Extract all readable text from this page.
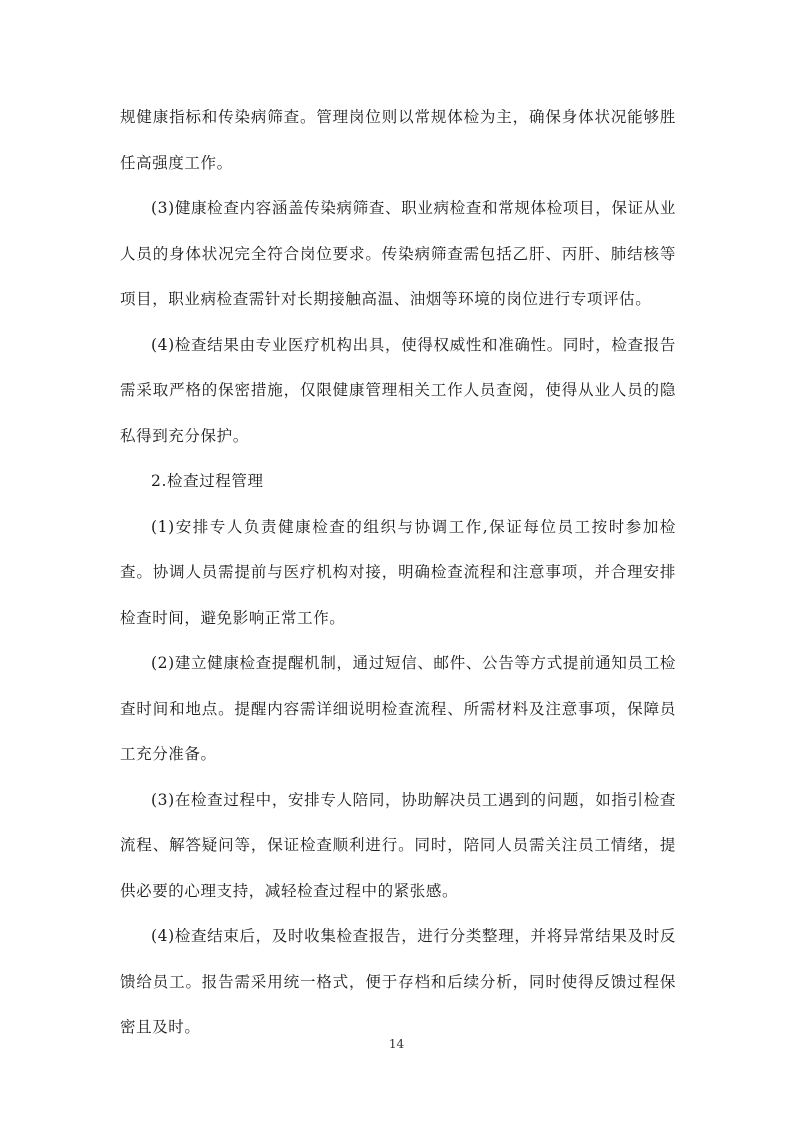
规健康指标和传染病筛查。管理岗位则以常规体检为主，确保身体状况能够胜任高强度工作。

(3)健康检查内容涵盖传染病筛查、职业病检查和常规体检项目，保证从业人员的身体状况完全符合岗位要求。传染病筛查需包括乙肝、丙肝、肺结核等项目，职业病检查需针对长期接触高温、油烟等环境的岗位进行专项评估。

(4)检查结果由专业医疗机构出具，使得权威性和准确性。同时，检查报告需采取严格的保密措施，仅限健康管理相关工作人员查阅，使得从业人员的隐私得到充分保护。

2.检查过程管理

(1)安排专人负责健康检查的组织与协调工作,保证每位员工按时参加检查。协调人员需提前与医疗机构对接，明确检查流程和注意事项，并合理安排检查时间，避免影响正常工作。

(2)建立健康检查提醒机制，通过短信、邮件、公告等方式提前通知员工检查时间和地点。提醒内容需详细说明检查流程、所需材料及注意事项，保障员工充分准备。

(3)在检查过程中，安排专人陪同，协助解决员工遇到的问题，如指引检查流程、解答疑问等，保证检查顺利进行。同时，陪同人员需关注员工情绪，提供必要的心理支持，减轻检查过程中的紧张感。

(4)检查结束后，及时收集检查报告，进行分类整理，并将异常结果及时反馈给员工。报告需采用统一格式，便于存档和后续分析，同时使得反馈过程保密且及时。

14
